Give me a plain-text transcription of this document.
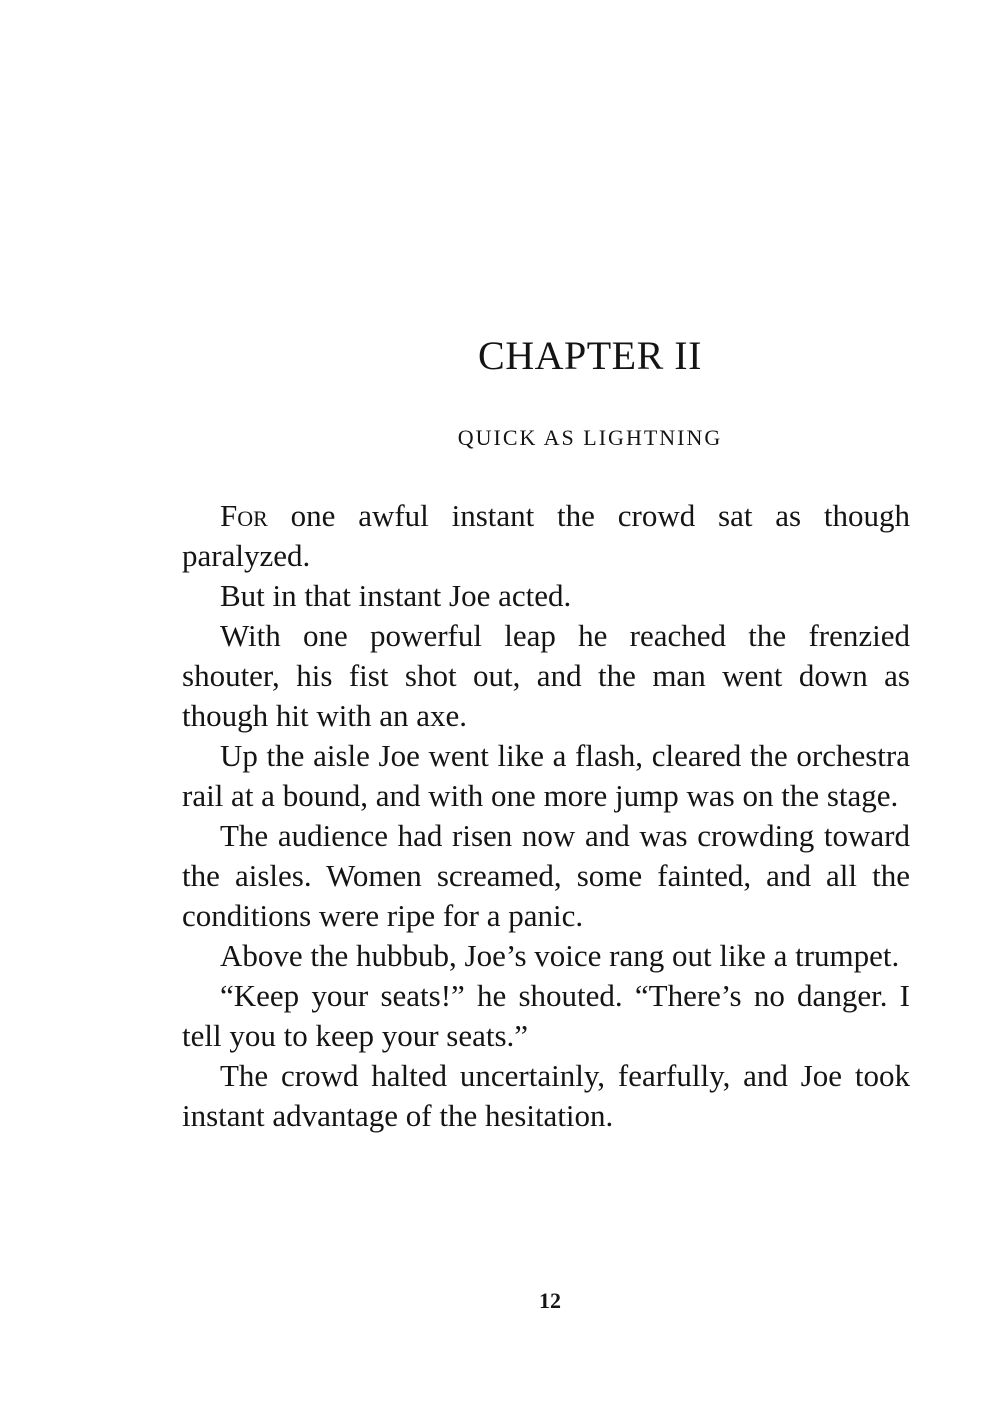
CHAPTER II
QUICK AS LIGHTNING

For one awful instant the crowd sat as though paralyzed.

But in that instant Joe acted.

With one powerful leap he reached the frenzied shouter, his fist shot out, and the man went down as though hit with an axe.

Up the aisle Joe went like a flash, cleared the orchestra rail at a bound, and with one more jump was on the stage.

The audience had risen now and was crowding toward the aisles. Women screamed, some fainted, and all the conditions were ripe for a panic.

Above the hubbub, Joe’s voice rang out like a trumpet.

“Keep your seats!” he shouted. “There’s no danger. I tell you to keep your seats.”

The crowd halted uncertainly, fearfully, and Joe took instant advantage of the hesitation.

12
